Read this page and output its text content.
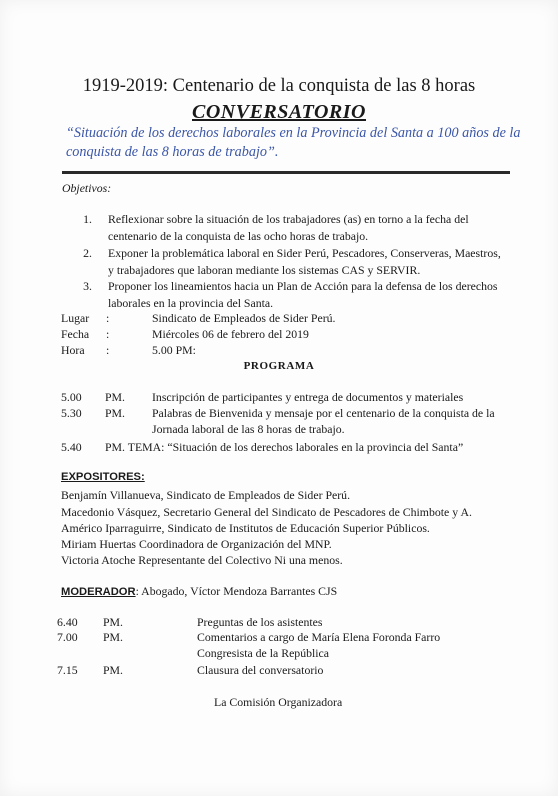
1919-2019: Centenario de la conquista de las 8 horas
CONVERSATORIO
“Situación de los derechos laborales en la Provincia del Santa a 100 años de la conquista de las 8 horas de trabajo”.
Objetivos:
1. Reflexionar sobre la situación de los trabajadores (as) en torno a la fecha del
centenario de la conquista de las ocho horas de trabajo.
2. Exponer la problemática laboral en Sider Perú, Pescadores, Conserveras, Maestros,
y trabajadores que laboran mediante los sistemas CAS y SERVIR.
3. Proponer los lineamientos hacia un Plan de Acción para la defensa de los derechos
laborales en la provincia del Santa.
Lugar :	Sindicato de Empleados de Sider Perú.
Fecha :	Miércoles 06 de febrero del 2019
Hora :	5.00 PM:
PROGRAMA
5.00 PM. Inscripción de participantes y entrega de documentos y materiales
5.30 PM. Palabras de Bienvenida y mensaje por el centenario de la conquista de la
Jornada laboral de las 8 horas de trabajo.
5.40 PM. TEMA: “Situación de los derechos laborales en la provincia del Santa”
EXPOSITORES:
Benjamín Villanueva, Sindicato de Empleados de Sider Perú.
Macedonio Vásquez, Secretario General del Sindicato de Pescadores de Chimbote y A.
Américo Iparraguirre, Sindicato de Institutos de Educación Superior Públicos.
Miriam Huertas Coordinadora de Organización del MNP.
Victoria Atoche Representante del Colectivo Ni una menos.
MODERADOR: Abogado, Víctor Mendoza Barrantes CJS
6.40 PM.	Preguntas de los asistentes
7.00 PM.	Comentarios a cargo de María Elena Foronda Farro
Congresista de la República
7.15 PM.	Clausura del conversatorio
La Comisión Organizadora
